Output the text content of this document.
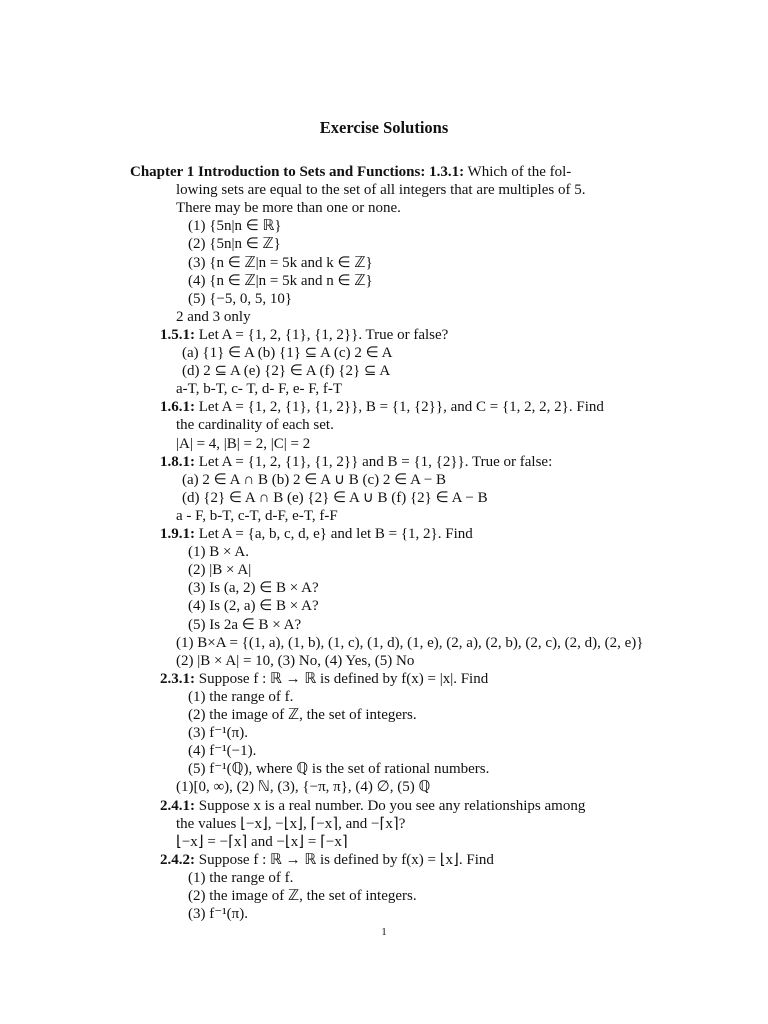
Exercise Solutions
Chapter 1 Introduction to Sets and Functions: 1.3.1: Which of the fol-
lowing sets are equal to the set of all integers that are multiples of 5.
There may be more than one or none.
(1) {5n|n ∈ ℝ}
(2) {5n|n ∈ ℤ}
(3) {n ∈ ℤ|n = 5k and k ∈ ℤ}
(4) {n ∈ ℤ|n = 5k and n ∈ ℤ}
(5) {−5, 0, 5, 10}
2 and 3 only
1.5.1: Let A = {1, 2, {1}, {1, 2}}. True or false?
(a) {1} ∈ A (b) {1} ⊆ A (c) 2 ∈ A
(d) 2 ⊆ A (e) {2} ∈ A (f) {2} ⊆ A
a-T, b-T, c- T, d- F, e- F, f-T
1.6.1: Let A = {1, 2, {1}, {1, 2}}, B = {1, {2}}, and C = {1, 2, 2, 2}. Find
the cardinality of each set.
|A| = 4, |B| = 2, |C| = 2
1.8.1: Let A = {1, 2, {1}, {1, 2}} and B = {1, {2}}. True or false:
(a) 2 ∈ A ∩ B (b) 2 ∈ A ∪ B (c) 2 ∈ A − B
(d) {2} ∈ A ∩ B (e) {2} ∈ A ∪ B (f) {2} ∈ A − B
a - F, b-T, c-T, d-F, e-T, f-F
1.9.1: Let A = {a, b, c, d, e} and let B = {1, 2}. Find
(1) B × A.
(2) |B × A|
(3) Is (a, 2) ∈ B × A?
(4) Is (2, a) ∈ B × A?
(5) Is 2a ∈ B × A?
(1) B×A = {(1, a), (1, b), (1, c), (1, d), (1, e), (2, a), (2, b), (2, c), (2, d), (2, e)}
(2) |B × A| = 10, (3) No, (4) Yes, (5) No
2.3.1: Suppose f : ℝ → ℝ is defined by f(x) = |x|. Find
(1) the range of f.
(2) the image of ℤ, the set of integers.
(3) f⁻¹(π).
(4) f⁻¹(−1).
(5) f⁻¹(ℚ), where ℚ is the set of rational numbers.
(1)[0, ∞), (2) ℕ, (3), {−π, π}, (4) ∅, (5) ℚ
2.4.1: Suppose x is a real number. Do you see any relationships among
the values ⌊−x⌋, −⌊x⌋, ⌈−x⌉, and −⌈x⌉?
⌊−x⌋ = −⌈x⌉ and −⌊x⌋ = ⌈−x⌉
2.4.2: Suppose f : ℝ → ℝ is defined by f(x) = ⌊x⌋. Find
(1) the range of f.
(2) the image of ℤ, the set of integers.
(3) f⁻¹(π).
1
